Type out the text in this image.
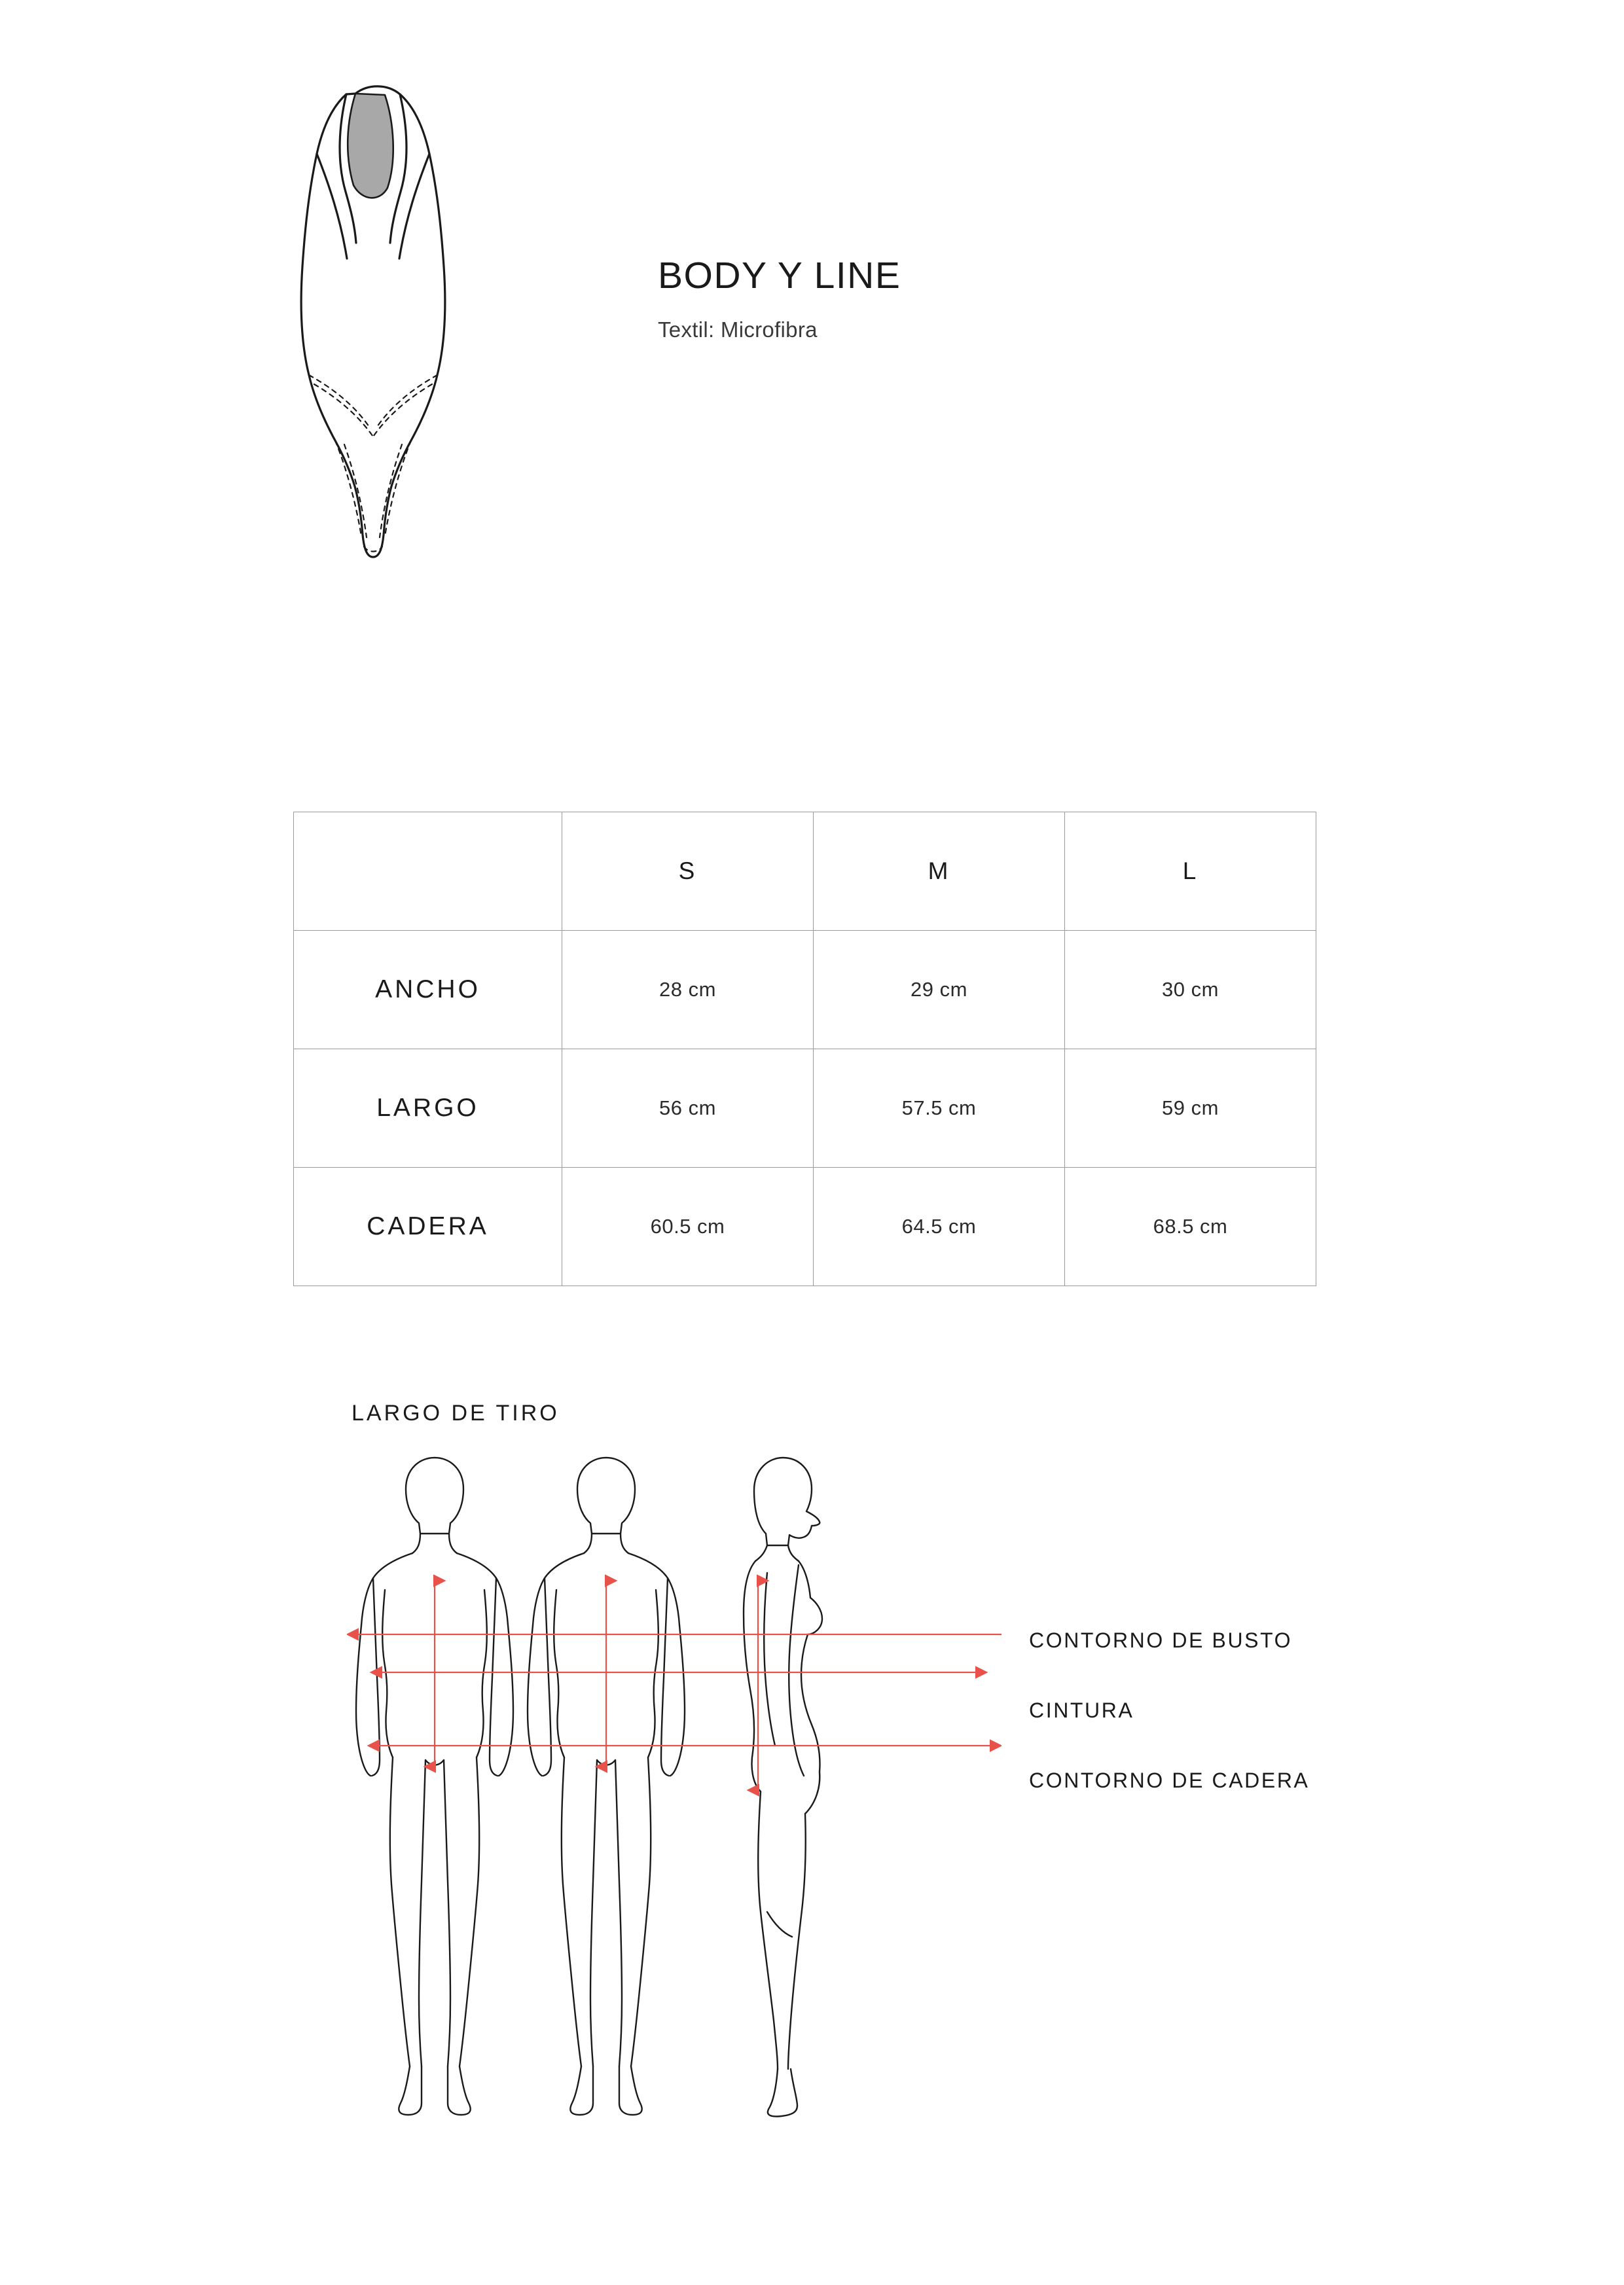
BODY Y LINE

Textil: Microfibra

	S	M	L
ANCHO	28 cm	29 cm	30 cm
LARGO	56 cm	57.5 cm	59 cm
CADERA	60.5 cm	64.5 cm	68.5 cm
LARGO DE TIRO
CONTORNO DE BUSTO
CINTURA
CONTORNO DE CADERA
